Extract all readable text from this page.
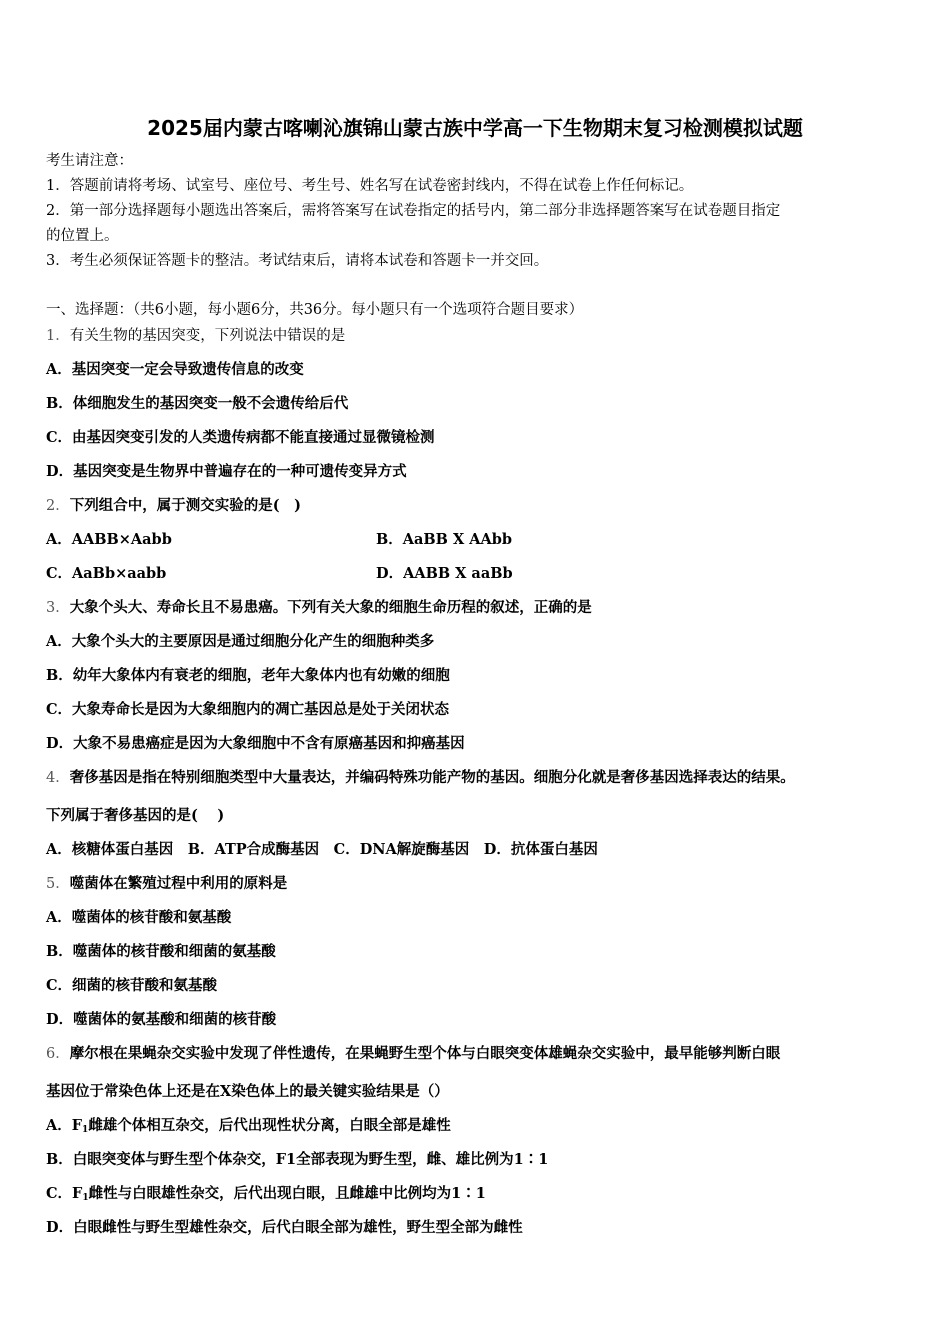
2025届内蒙古喀喇沁旗锦山蒙古族中学高一下生物期末复习检测模拟试题
考生请注意：
1．答题前请将考场、试室号、座位号、考生号、姓名写在试卷密封线内，不得在试卷上作任何标记。
2．第一部分选择题每小题选出答案后，需将答案写在试卷指定的括号内，第二部分非选择题答案写在试卷题目指定
的位置上。
3．考生必须保证答题卡的整洁。考试结束后，请将本试卷和答题卡一并交回。
一、选择题：（共6小题，每小题6分，共36分。每小题只有一个选项符合题目要求）
1．有关生物的基因突变，下列说法中错误的是
A．基因突变一定会导致遗传信息的改变
B．体细胞发生的基因突变一般不会遗传给后代
C．由基因突变引发的人类遗传病都不能直接通过显微镜检测
D．基因突变是生物界中普遍存在的一种可遗传变异方式
2．下列组合中，属于测交实验的是(　)
A．AABB×Aabb	B．AaBB X AAbb
C．AaBb×aabb	D．AABB X aaBb
3．大象个头大、寿命长且不易患癌。下列有关大象的细胞生命历程的叙述，正确的是
A．大象个头大的主要原因是通过细胞分化产生的细胞种类多
B．幼年大象体内有衰老的细胞，老年大象体内也有幼嫩的细胞
C．大象寿命长是因为大象细胞内的凋亡基因总是处于关闭状态
D．大象不易患癌症是因为大象细胞中不含有原癌基因和抑癌基因
4．奢侈基因是指在特别细胞类型中大量表达，并编码特殊功能产物的基因。细胞分化就是奢侈基因选择表达的结果。
下列属于奢侈基因的是(　 )
A．核糖体蛋白基因　B．ATP合成酶基因　C．DNA解旋酶基因　D．抗体蛋白基因
5．噬菌体在繁殖过程中利用的原料是
A．噬菌体的核苷酸和氨基酸
B．噬菌体的核苷酸和细菌的氨基酸
C．细菌的核苷酸和氨基酸
D．噬菌体的氨基酸和细菌的核苷酸
6．摩尔根在果蝇杂交实验中发现了伴性遗传，在果蝇野生型个体与白眼突变体雄蝇杂交实验中，最早能够判断白眼
基因位于常染色体上还是在X染色体上的最关键实验结果是（）
A．$F_1$雌雄个体相互杂交，后代出现性状分离，白眼全部是雄性
B．白眼突变体与野生型个体杂交，F1全部表现为野生型，雌、雄比例为1∶1
C．$F_1$雌性与白眼雄性杂交，后代出现白眼，且雌雄中比例均为1∶1
D．白眼雌性与野生型雄性杂交，后代白眼全部为雄性，野生型全部为雌性
